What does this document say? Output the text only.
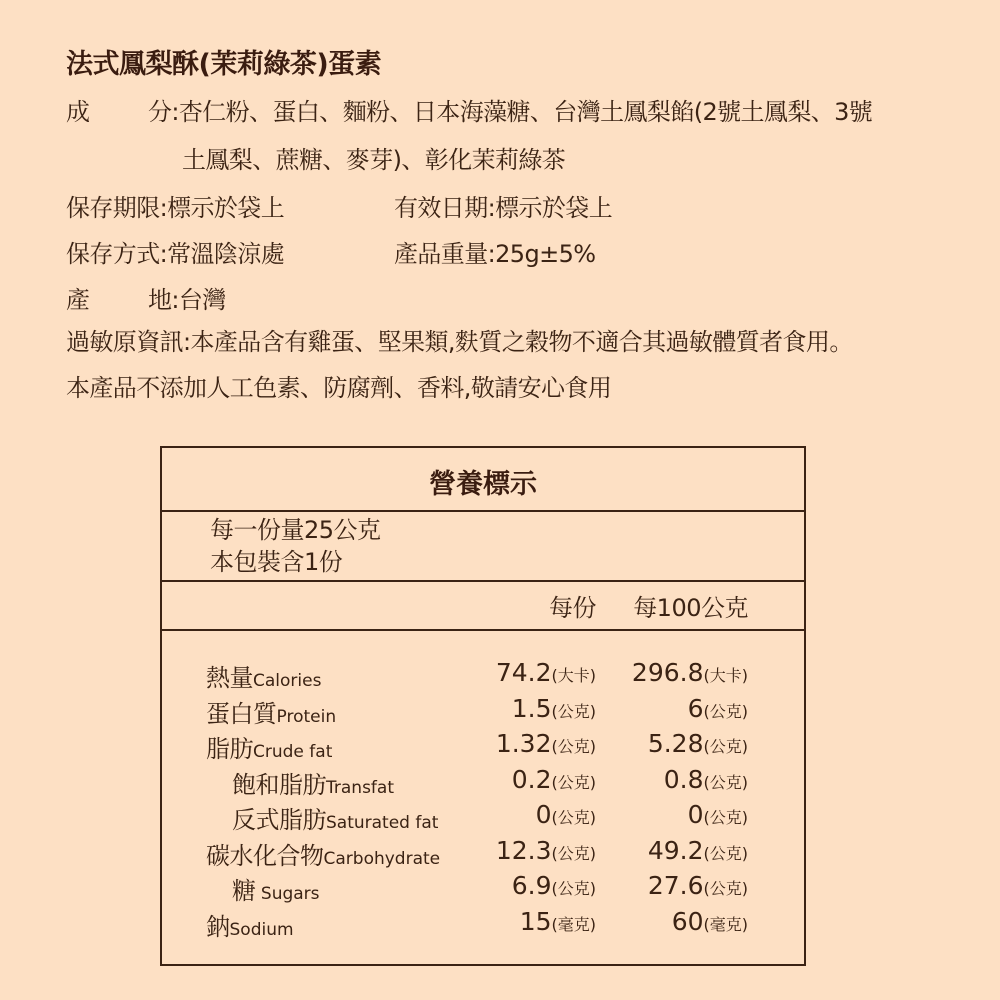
法式鳳梨酥(茉莉綠茶)蛋素
成 分:杏仁粉、蛋白、麵粉、日本海藻糖、台灣土鳳梨餡(2號土鳳梨、3號
土鳳梨、蔗糖、麥芽)、彰化茉莉綠茶
保存期限:標示於袋上	有效日期:標示於袋上
保存方式:常溫陰涼處	產品重量:25g±5%
產 地:台灣
過敏原資訊:本產品含有雞蛋、堅果類,麩質之穀物不適合其過敏體質者食用。
本產品不添加人工色素、防腐劑、香料,敬請安心食用
營養標示
每一份量25公克
本包裝含1份
每份 每100公克
熱量Calories	74.2(大卡) 296.8(大卡)
蛋白質Protein	1.5(公克)	6(公克)
脂肪Crude fat	1.32(公克) 5.28(公克)
飽和脂肪Transfat	0.2(公克)	0.8(公克)
反式脂肪Saturated fat	0(公克)	0(公克)
碳水化合物Carbohydrate 12.3(公克) 49.2(公克)
糖 Sugars	6.9(公克) 27.6(公克)
鈉Sodium	15(毫克)	60(毫克)
